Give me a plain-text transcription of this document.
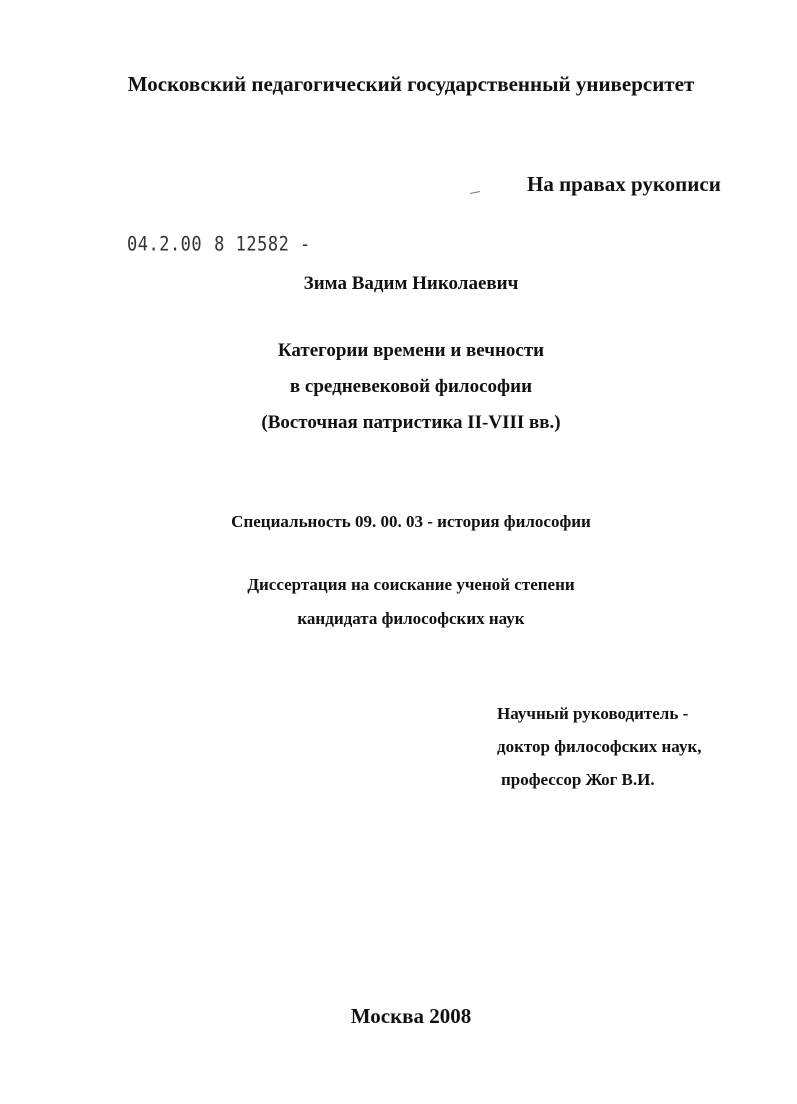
Московский педагогический государственный университет
На правах рукописи
04.2.00 8 12582 -
Зима Вадим Николаевич
Категории времени и вечности
в средневековой философии
(Восточная патристика II-VIII вв.)
Специальность 09. 00. 03 - история философии
Диссертация на соискание ученой степени
кандидата философских наук
Научный руководитель -
доктор философских наук,
профессор Жог В.И.
Москва 2008
